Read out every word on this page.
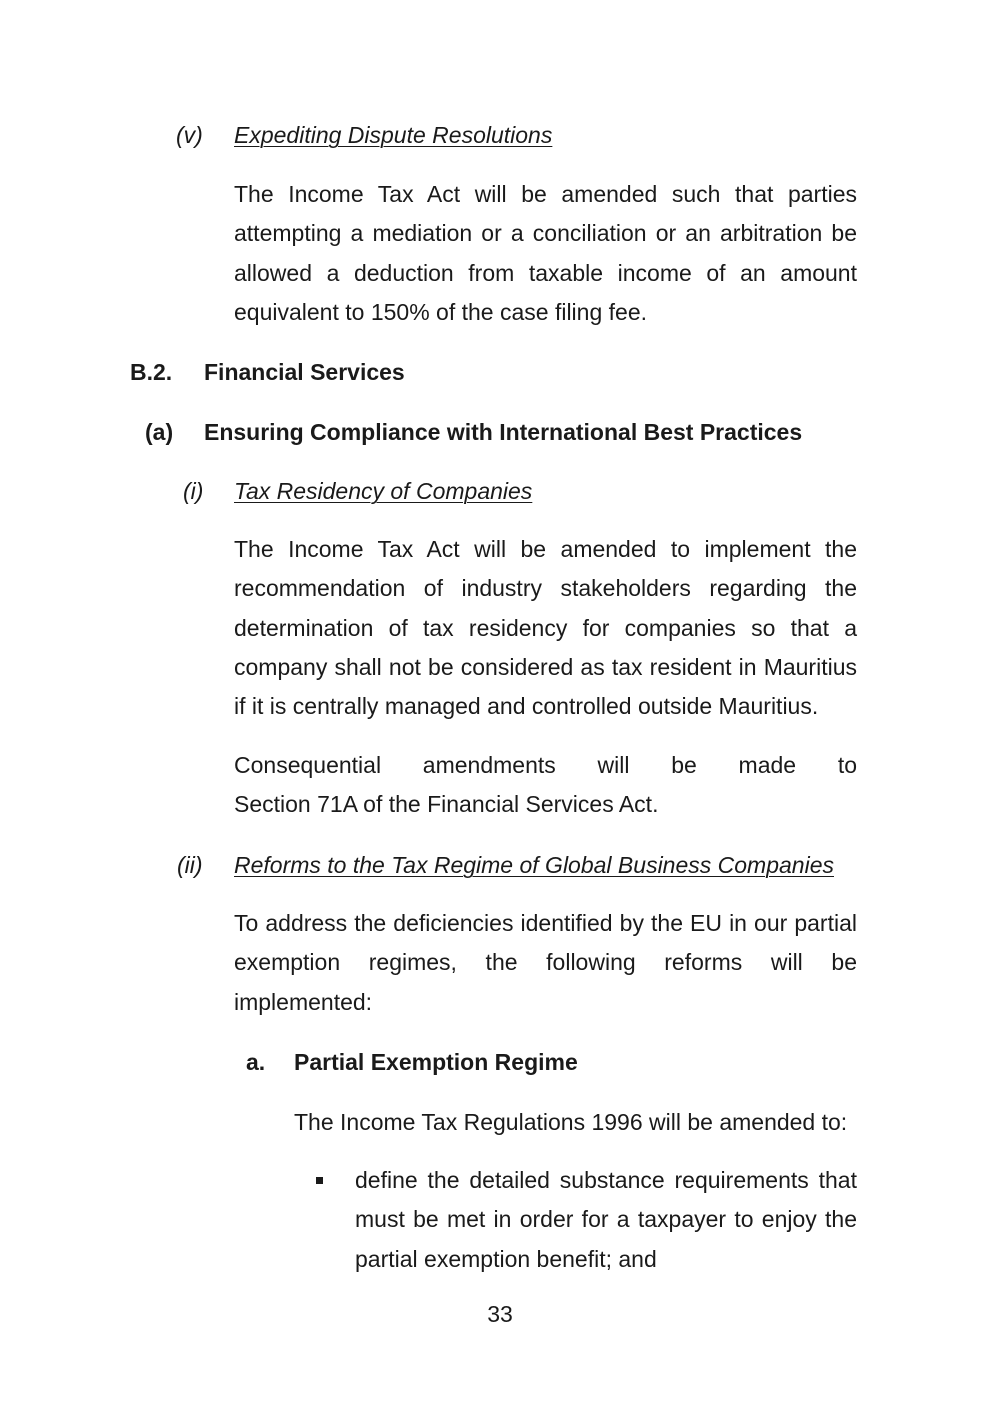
(v) Expediting Dispute Resolutions
The Income Tax Act will be amended such that parties
attempting a mediation or a conciliation or an arbitration be
allowed a deduction from taxable income of an amount
equivalent to 150% of the case filing fee.
B.2. Financial Services
(a) Ensuring Compliance with International Best Practices
(i) Tax Residency of Companies
The Income Tax Act will be amended to implement the
recommendation of industry stakeholders regarding the
determination of tax residency for companies so that a
company shall not be considered as tax resident in Mauritius
if it is centrally managed and controlled outside Mauritius.
Consequential amendments will be made to
Section 71A of the Financial Services Act.
(ii) Reforms to the Tax Regime of Global Business Companies
To address the deficiencies identified by the EU in our partial
exemption regimes, the following reforms will be
implemented:
a. Partial Exemption Regime
The Income Tax Regulations 1996 will be amended to:
define the detailed substance requirements that
must be met in order for a taxpayer to enjoy the
partial exemption benefit; and
33
